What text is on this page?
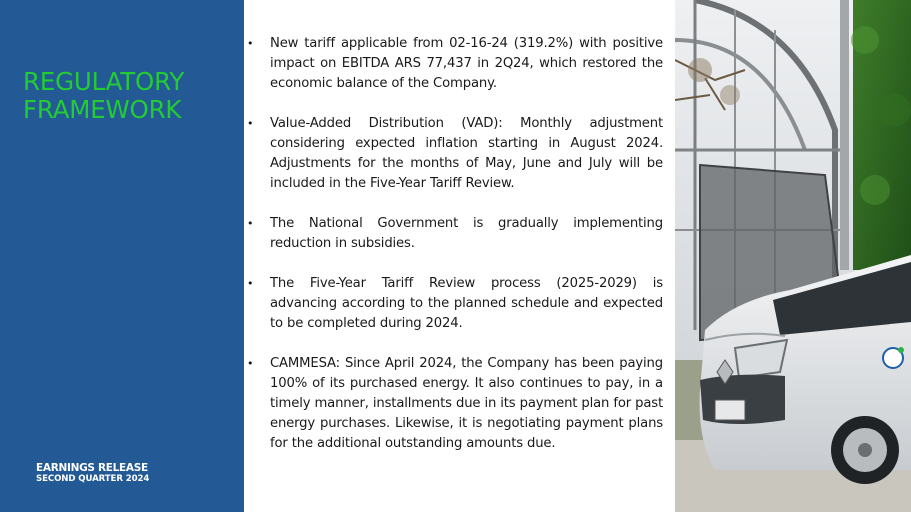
REGULATORY
FRAMEWORK
EARNINGS RELEASE
SECOND QUARTER 2024

• New tariff applicable from 02-16-24 (319.2%) with positive impact on EBITDA ARS 77,437 in 2Q24, which restored the economic balance of the Company.

• Value-Added Distribution (VAD): Monthly adjustment considering expected inflation starting in August 2024. Adjustments for the months of May, June and July will be included in the Five-Year Tariff Review.

• The National Government is gradually implementing reduction in subsidies.

• The Five-Year Tariff Review process (2025-2029) is advancing according to the planned schedule and expected to be completed during 2024.

• CAMMESA: Since April 2024, the Company has been paying 100% of its purchased energy. It also continues to pay, in a timely manner, installments due in its payment plan for past energy purchases. Likewise, it is negotiating payment plans for the additional outstanding amounts due.
